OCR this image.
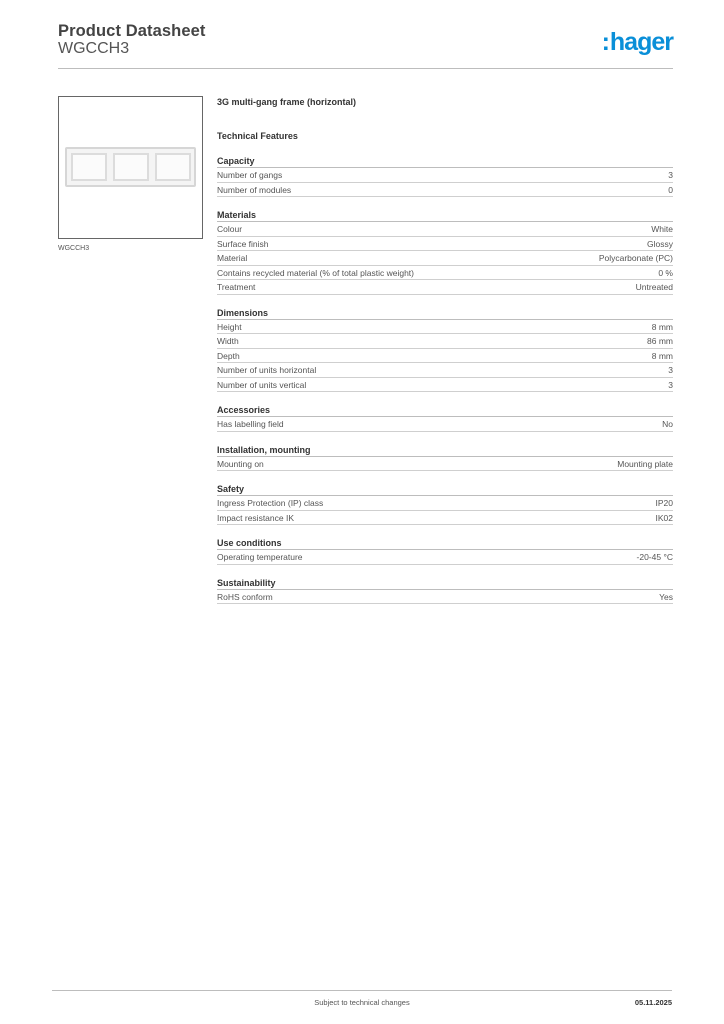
Product Datasheet
WGCCH3	:hager
WGCCH3
3G multi-gang frame (horizontal)
Technical Features
Capacity
Number of gangs	3
Number of modules	0
Materials
Colour	White
Surface finish	Glossy
Material	Polycarbonate (PC)
Contains recycled material (% of total plastic weight)	0 %
Treatment	Untreated
Dimensions
Height	8 mm
Width	86 mm
Depth	8 mm
Number of units horizontal	3
Number of units vertical	3
Accessories
Has labelling field	No
Installation, mounting
Mounting on	Mounting plate
Safety
Ingress Protection (IP) class	IP20
Impact resistance IK	IK02
Use conditions
Operating temperature	-20-45 °C
Sustainability
RoHS conform	Yes
Subject to technical changes	05.11.2025
